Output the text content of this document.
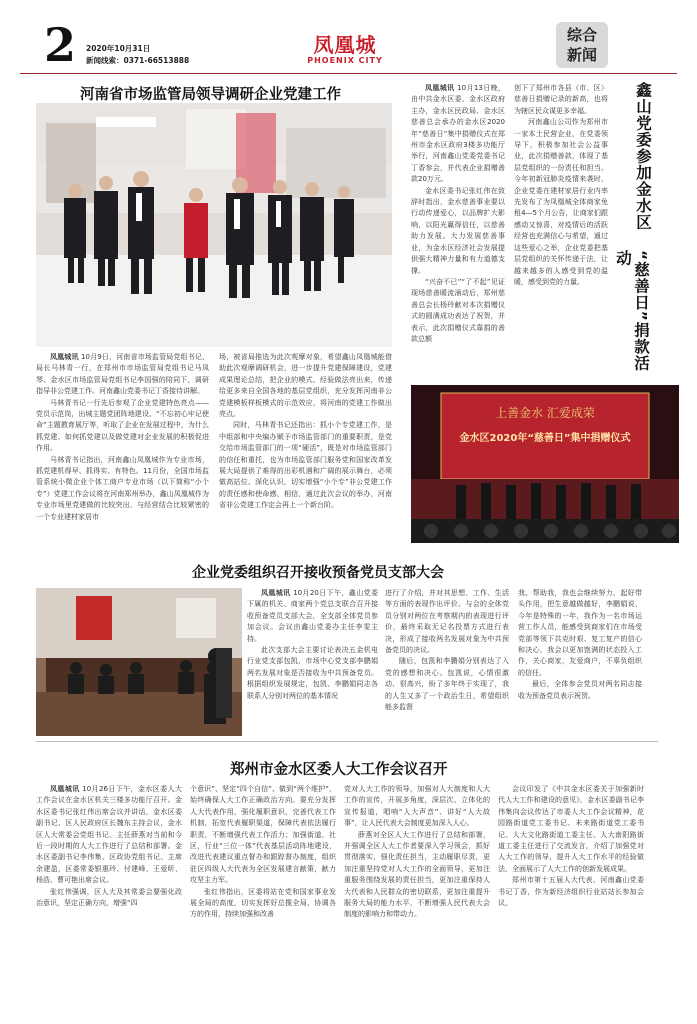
2 2020年10月31日
新闻线索：0371-66513888
凤凰城
PHOENIX CITY
综合
新闻
河南省市场监管局领导调研企业党建工作

凤凰城讯 10月9日，河南省市场监管局党组书记、局长马林青一行，在郑州市市场监管局党组书记马凤琴、金水区市场监管局党组书记李国强的陪同下，调研指导非公党建工作。河南鑫山党委书记丁香接待讲解。

马林青书记一行先后参观了企业党建特色亮点——党员示范岗，出城主题党团阵地建设、“不忘初心牢记使命”主题教育展厅等，听取了企业在发展过程中，为什么抓党建、如何抓党建以及做党建对企业发展的积极促进作用。

马林青书记指出，河南鑫山凤凰城作为专业市场，抓党建机得早、抓得实、有特色。11月份，全国市场监管系统小微企业个体工商户专业市场（以下简称“小个专”）党建工作会议将在河南郑州举办，鑫山凤凰城作为专业市场里党建做的比较突出、与经营结合比较紧密的一个专业建材家居市

场，被省局推选为此次观摩对象，希望鑫山凤凰城能借助此次观摩调研机会，进一步提升党建保障建设，党建成果理论总结，把企业的模式、经验做法亮出来，传递给更多来自全国各地的基层党组织，充分发挥河南非公党建模板样板模式的示范效应，将河南的党建工作做出亮点。

同时，马林青书记还指出：抓小个专党建工作，是中组部和中央编办赋予市场监管部门的重要职责，是党交给市场监管部门的一项“硬活”，既是对市场监管部门的信任和重托，也为市场监管部门服务党和国家改革发展大局提供了难得的出彩机遇和广阔的展示舞台，必须做高站位、深化认识，切实增强“小个专”非公党建工作的责任感和使命感，相信，通过此次会议的举办，河南省非公党建工作定会再上一个新台阶。

凤凰城讯 10月13日晚，由中共金水区委、金水区政府主办，金水区民政局、金水区慈善总会承办的金水区2020年“慈善日”集中捐赠仪式在郑州市金水区政府3楼多功能厅举行，河南鑫山党委党委书记丁香参会，并代表企业捐赠善款20万元。

金水区委书记张红伟在致辞时指出，金水慈善事业要以行动传递爱心，以品牌扩大影响，以阳光赢得信任，以慈善助力发展。大力发展慈善事业，为金水区经济社会发展提供强大精神力量和有力道德支撑。

“兴奋不已”“了不起”见证现场慈善暖流涌动后，郑州慈善总会长杨玲献对本次捐赠仪式的圆满成功表达了祝贺，并表示，此次捐赠仪式靠捐的善款总额

创下了郑州市各县（市、区）慈善日捐赠记录的新高，也将为辖区民众谋更多幸福。

河南鑫山公司作为郑州市一家本土民营企业，在党委领导下，积极参加社会公益事业，此次捐赠善款，体现了基层党组织的一份责任和担当。今年初新冠肺炎疫情来袭时，企业党委在建材家居行业内率先发布了为凤凰城全体商家免租4—5个月公告，让商家们跟感动又惊喜，对疫情后的活跃经营也充满信心与希望，通过这些爱心之举，企业党委把基层党组织的关怀传递于法，让越来越多的人感受到党的温暖，感受到党的力量。

鑫山党委参加金水区
“慈善日”捐款活动
上善金水 汇爱成荣
金水区2020年“慈善日”集中捐赠仪式
企业党委组织召开接收预备党员支部大会

凤凰城讯 10月20日下午，鑫山党委下属的机关、商家两个党总支联合召开接收预备党员支部大会，全支部全体党员参加会议。会议由鑫山党委办主任李雯主持。

此次支部大会主要讨论表决五金机电行业党支部包凯、市场中心党支部李鹏娟两名发展对象是否接收为中共预备党员。根据组织发展规定，包凯、李鹏娟同志各联系人分别对两位的基本情况

进行了介绍，并对其思想、工作、生活等方面的表现作出评价。与会的全体党员分别对两位在考察期内的表现进行评价，最终采取无记名投票方式进行表决，形成了接收两名发展对象为中共预备党员的决议。

随后，包凯和李鹏娟分别表达了入党的感想和决心。包凯说，心情很激动、很高兴，盼了多年终于实现了，我的人生又多了一个政治生日，希望组织能多监督

我、帮助我，我也会继续努力、起好带头作用，把生意越做越好，李鹏娟说，今年是特殊的一年，我作为一名市场运营工作人员，能感受到商家们在市场受党部等领下共克时艰、复工复产的信心和决心，我会以更加饱满的状态投入工作，关心商家，友爱商户，不辜负组织的信任。

最后，全体参会党员对两名同志接收为预备党员表示祝贺。

郑州市金水区委人大工作会议召开

凤凰城讯 10月26日下午，金水区委人大工作会议在金水区机关三楼多功能厅召开。金水区委书记张红伟出席会议并讲话，金水区委副书记、区人民政府区长魏东主持会议，金水区人大常委会党组书记、主任薛燕对当前和今后一段时期的人大工作进行了总结和部署。金水区委副书记李伟集、区政协党组书记、主席余建盈，区委常委银惠玲、付建峰、王爱昕、杨浩、曹可艳出席会议。

张红伟强调，区人大及其常委会要强化政治意识，坚定正确方向，增强“四

个意识”、坚定“四个自信”、做到“两个维护”，始终确保人大工作正确政治方向。要充分发挥人大代表作用，强化履职意识，完善代表工作机制，拓宽代表履职渠道，保障代表依法履行职责，不断增强代表工作活力；加强街道、社区，行业“三位一体”代表基层活动阵地建设，改进代表建议重点督办和跟踪督办制度，组织驻区四级人大代表为全区发展建言献策，献力攻坚主力军。

张红伟指出，区委将站在党和国家事业发展全局的高度，切实发挥好总揽全局、协调各方的作用，持续加强和改善

党对人大工作的领导，加强对人大制度和人大工作的宣传，开展多角度，深层次、立体化的宣传报道，唱响“人大声音”、讲好“人大故事”，让人民代表大会制度更加深入人心。

薛燕对全区人大工作进行了总结和部署，并强调全区人大工作者要深入学习领会，抓好贯彻落实，强化责任担当，主动履职尽责，更加注重坚持党对人大工作的全面领导，更加注重服务围绕发展的责任担当，更加注重保持人大代表和人民群众的密切联系，更加注重提升服务大局的能力水平，不断增强人民代表大会制度的影响力和带动力。

会议印发了《中共金水区委关于加强新时代人大工作和建设的意见》，金水区委副书记李伟集向会议传达了市委人大工作会议精神，花园路街道党工委书记、未来路街道党工委书记、人大文化路街道工委主任、人大南阳路街道工委主任进行了交流发言，介绍了加强党对人大工作的领导，提升人大工作水平的经验做法，全面展示了人大工作的创新发展成果。

郑州市第十五届人大代表、河南鑫山党委书记丁香，作为新经济组织行业站站长参加会议。
